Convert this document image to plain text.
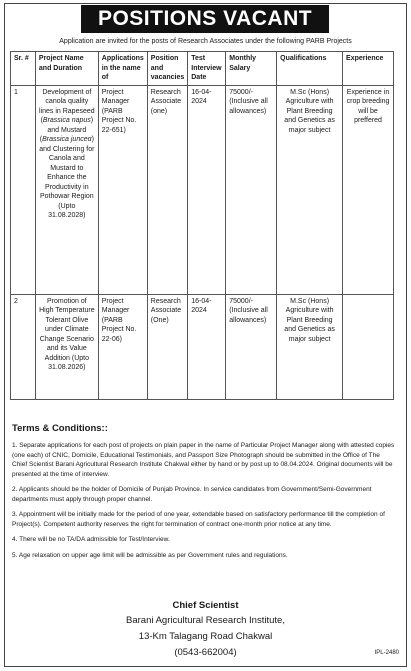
POSITIONS VACANT
Application are invited for the posts of Research Associates under the following PARB Projects
Sr. #	Project Name and Duration	Applications in the name of	Position and vacancies	Test Interview Date	Monthly Salary	Qualifications	Experience
1	Development of canola quality lines in Rapeseed (Brassica napus) and Mustard (Brassica junceα) and Clustering for Canola and Mustard to Enhance the Productivity in Pothowar Region (Upto 31.08.2028)	Project Manager (PARB Project No. 22-651)	Research Associate (one)	16-04-2024	75000/- (Inclusive all allowances)	M.Sc (Hons) Agriculture with Plant Breeding and Genetics as major subject	Experience in crop breeding will be preffered
2	Promotion of High Temperature Tolerant Olive under Climate Change Scenario and its Value Addition (Upto 31.08.2026)	Project Manager (PARB Project No. 22-06)	Research Associate (One)	16-04-2024	75000/- (Inclusive all allowances)	M.Sc (Hons) Agriculture with Plant Breeding and Genetics as major subject	
Terms & Conditions::
1. Separate applications for each post of projects on plain paper in the name of Particular Project Manager along with attested copies (one each) of CNIC, Domicile, Educational Testimonials, and Passport Size Photograph should be submitted in the Office of The Chief Scientist Barani Agricultural Research Institute Chakwal either by hand or by post up to 08.04.2024. Original documents will be presented at the time of interview.
2. Applicants should be the holder of Domicile of Punjab Province. In service candidates from Government/Semi-Government departments must apply through proper channel.
3. Appointment will be initially made for the period of one year, extendable based on satisfactory performance till the completion of Project(s). Competent authority reserves the right for termination of contract one-month prior notice at any time.
4. There will be no TA/DA admissible for Test/Interview.
5. Age relaxation on upper age limit will be admissible as per Government rules and regulations.
Chief Scientist
Barani Agricultural Research Institute,
13-Km Talagang Road Chakwal
(0543-662004)	IPL-2480
